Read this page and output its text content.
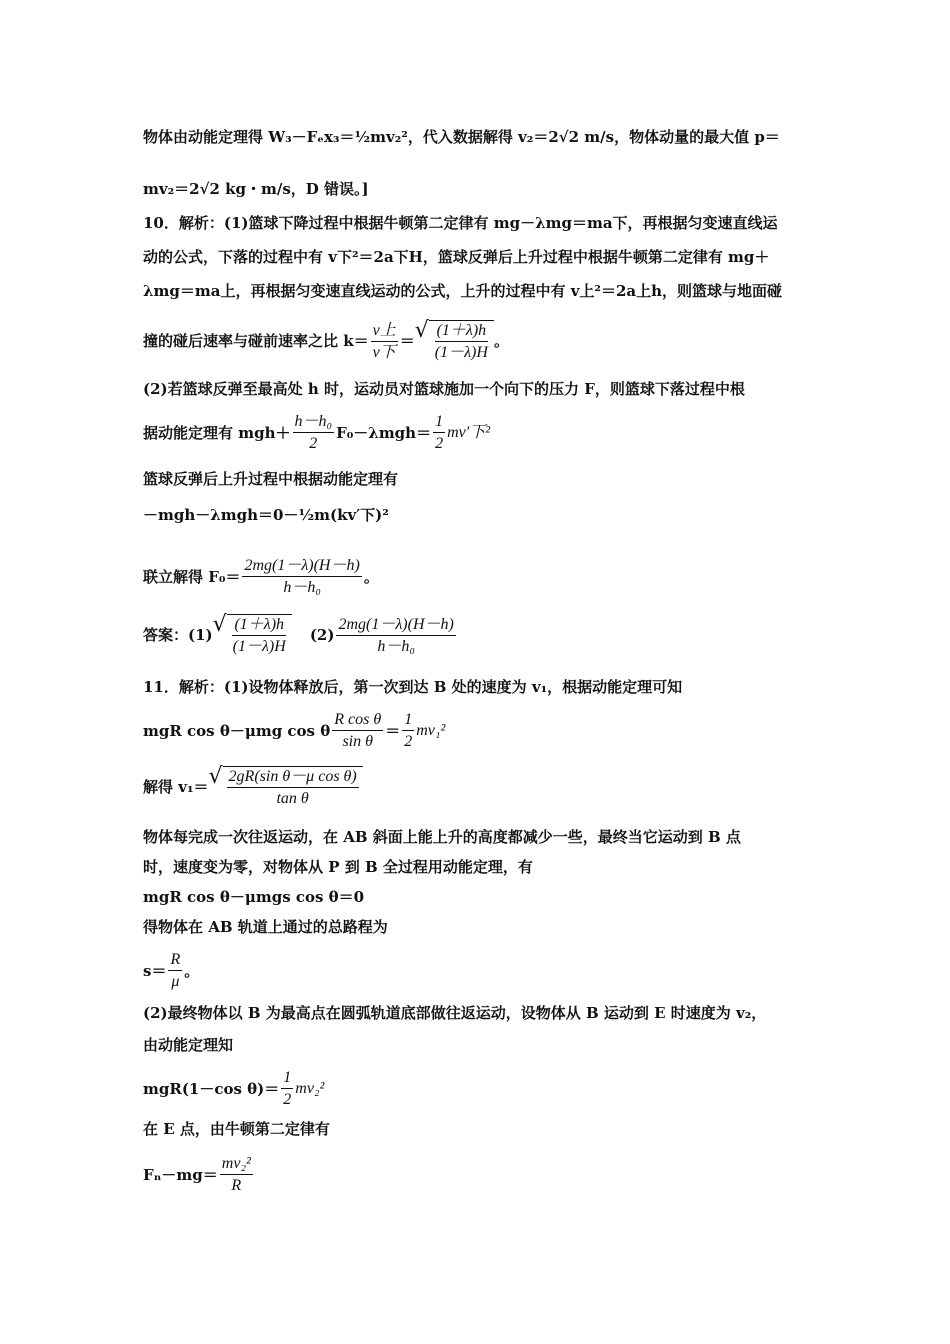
物体由动能定理得 W₃－Fₑx₃＝½mv₂²，代入数据解得 v₂＝2√2 m/s，物体动量的最大值 p＝
mv₂＝2√2 kg・m/s，D 错误。]
10．解析：(1)篮球下降过程中根据牛顿第二定律有 mg－λmg＝ma下，再根据匀变速直线运
动的公式，下落的过程中有 v下²＝2a下H，篮球反弹后上升过程中根据牛顿第二定律有 mg＋
λmg＝ma上，再根据匀变速直线运动的公式，上升的过程中有 v上²＝2a上h，则篮球与地面碰
撞的碰后速率与碰前速率之比 $k= \frac{\text{v上}}{\text{v下}}$ ＝ √ $\frac{(1+\lambda)h}{(1-\lambda)H}$ 。
(2)若篮球反弹至最高处 h 时，运动员对篮球施加一个向下的压力 F，则篮球下落过程中根
据动能定理有 $mgh+ \frac{\text{h－h₀}}{2} F_0-\lambda mgh= \frac{1}{2} mv'$下²
篮球反弹后上升过程中根据动能定理有
－mgh－λmgh＝0－½m(kv′下)²
联立解得 $F_0= \frac{2mg(1-\lambda)(H-h)}{\text{h－h₀}}$ 。
答案：(1) √ $\frac{(1+\lambda)h}{(1-\lambda)H} (2) \frac{2mg(1-\lambda)(H-h)}{\text{h－h₀}}$
11．解析：(1)设物体释放后，第一次到达 B 处的速度为 v₁，根据动能定理可知
mgR cos θ－μmg cos θ $\frac{\text{R cos θ}}{\text{sin θ}} = \frac{1}{2} mv_1^2$
解得 v₁＝ √ $\frac{\text{2gR(sin θ－μ cos θ)}}{\text{tan θ}}$
物体每完成一次往返运动，在 AB 斜面上能上升的高度都减少一些，最终当它运动到 B 点
时，速度变为零，对物体从 P 到 B 全过程用动能定理，有
mgR cos θ－μmgs cos θ＝0
得物体在 AB 轨道上通过的总路程为
$s= \frac{R}{\mu}$ 。
(2)最终物体以 B 为最高点在圆弧轨道底部做往返运动，设物体从 B 运动到 E 时速度为 v₂，
由动能定理知
mgR(1－cos $\theta)= \frac{1}{2} mv_2^2$
在 E 点，由牛顿第二定律有
$F_n-mg= \frac{\text{mv₂²}}{R}$
